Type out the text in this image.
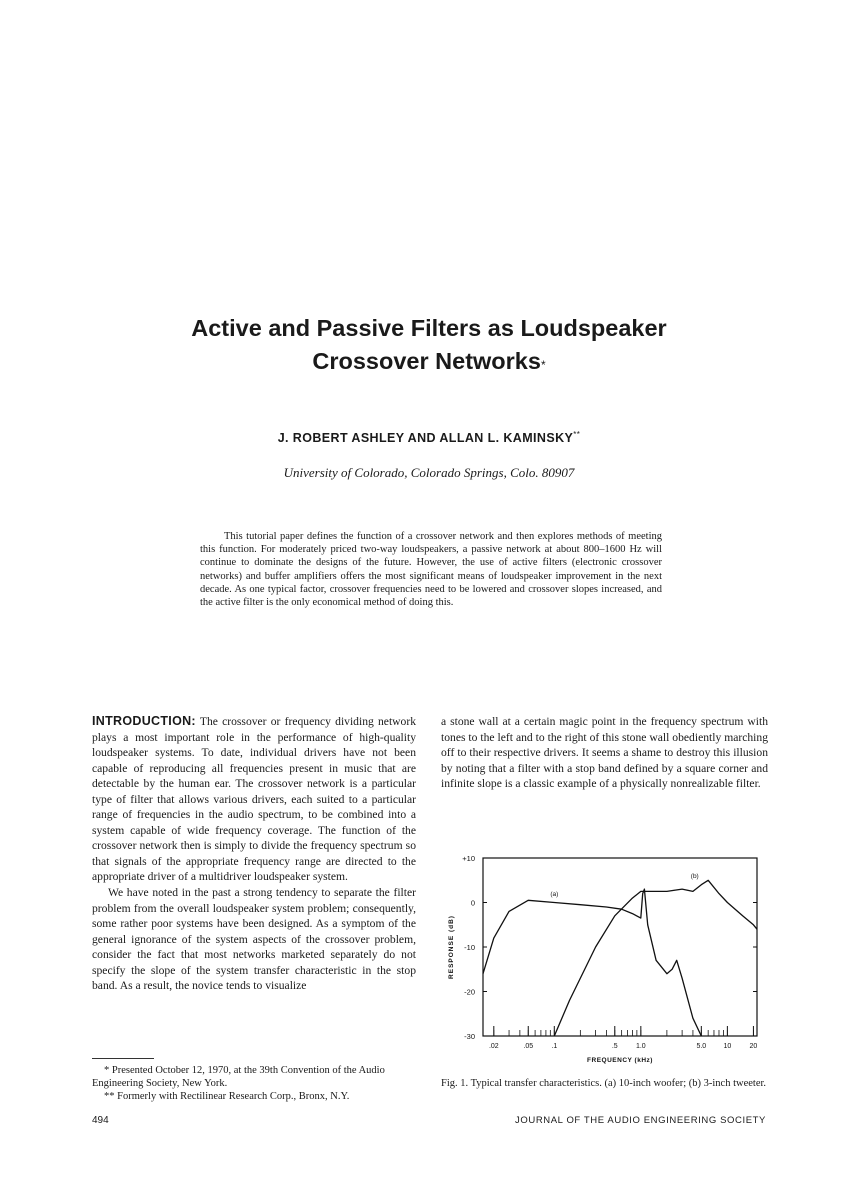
Active and Passive Filters as Loudspeaker
Crossover Networks*
J. ROBERT ASHLEY AND ALLAN L. KAMINSKY**
University of Colorado, Colorado Springs, Colo. 80907
This tutorial paper defines the function of a crossover network and then explores methods of meeting this function. For moderately priced two-way loudspeakers, a passive network at about 800–1600 Hz will continue to dominate the designs of the future. However, the use of active filters (electronic crossover networks) and buffer amplifiers offers the most significant means of loudspeaker improvement in the next decade. As one typical factor, crossover frequencies need to be lowered and crossover slopes increased, and the active filter is the only economical method of doing this.

INTRODUCTION: The crossover or frequency dividing network plays a most important role in the performance of high-quality loudspeaker systems. To date, individual drivers have not been capable of reproducing all frequencies present in music that are detectable by the human ear. The crossover network is a particular type of filter that allows various drivers, each suited to a particular range of frequencies in the audio spectrum, to be combined into a system capable of wide frequency coverage. The function of the crossover network then is simply to divide the frequency spectrum so that signals of the appropriate frequency range are directed to the appropriate driver of a multidriver loudspeaker system.

We have noted in the past a strong tendency to separate the filter problem from the overall loudspeaker system problem; consequently, some rather poor systems have been designed. As a symptom of the general ignorance of the system aspects of the crossover problem, consider the fact that most networks marketed separately do not specify the slope of the system transfer characteristic in the stop band. As a result, the novice tends to visualize

a stone wall at a certain magic point in the frequency spectrum with tones to the left and to the right of this stone wall obediently marching off to their respective drivers. It seems a shame to destroy this illusion by noting that a filter with a stop band defined by a square corner and infinite slope is a classic example of a physically nonrealizable filter.

+10
0
-10
-20
-30
.02	.05	.1	.5	1.0	5.0 10	20
FREQUENCY (kHz)
RESPONSE (dB)
(a)
(b)
Fig. 1. Typical transfer characteristics. (a) 10-inch woofer; (b) 3-inch tweeter.
* Presented October 12, 1970, at the 39th Convention of the Audio Engineering Society, New York.
** Formerly with Rectilinear Research Corp., Bronx, N.Y.
494	JOURNAL OF THE AUDIO ENGINEERING SOCIETY
